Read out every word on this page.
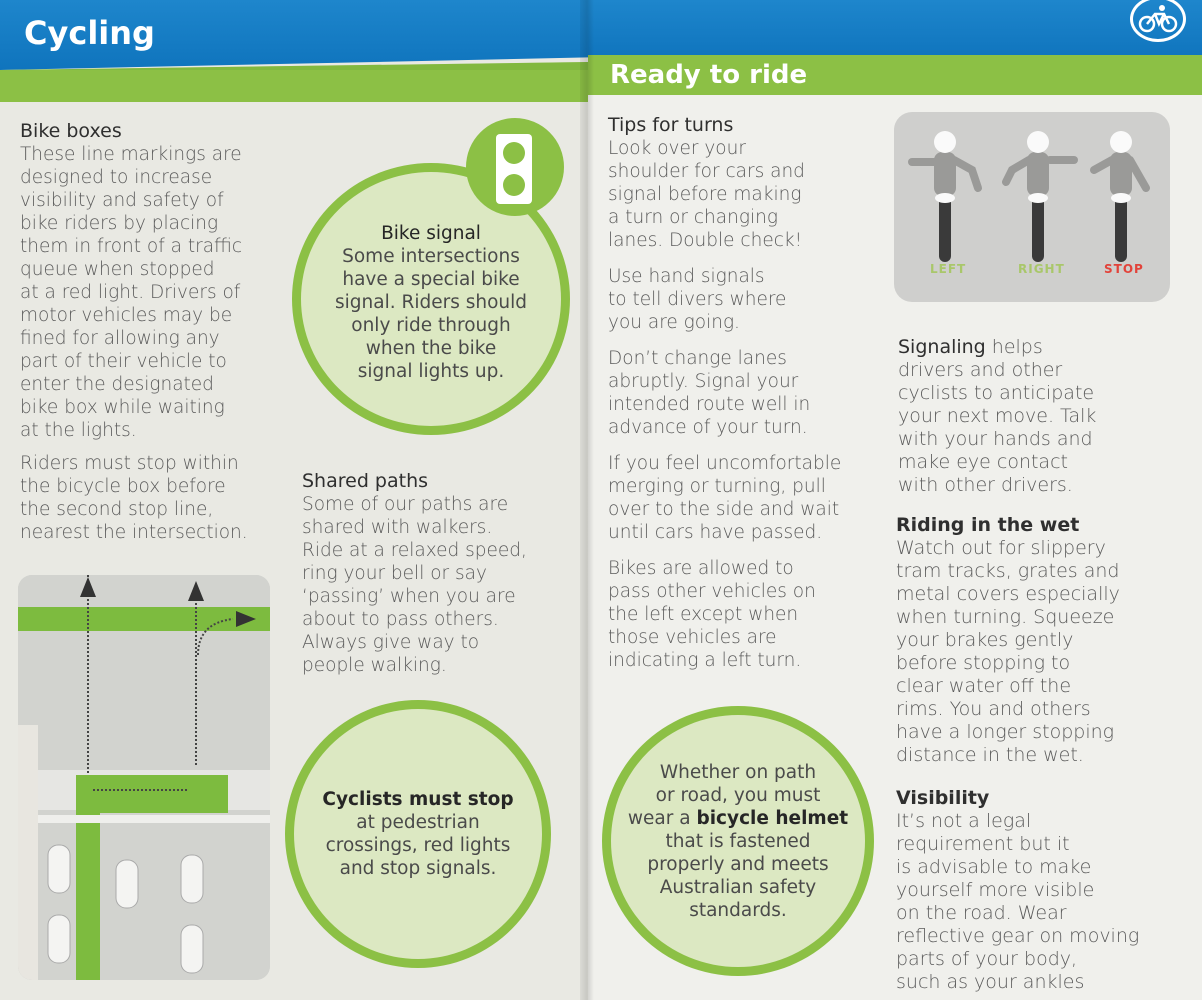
Cycling

Bike boxes

These line markings are
designed to increase
visibility and safety of
bike riders by placing
them in front of a traffic
queue when stopped
at a red light. Drivers of
motor vehicles may be
fined for allowing any
part of their vehicle to
enter the designated
bike box while waiting
at the lights.
Riders must stop within
the bicycle box before
the second stop line,
nearest the intersection.
Bike signal
Some intersections
have a special bike
signal. Riders should
only ride through
when the bike
signal lights up.

Shared paths

Some of our paths are
shared with walkers.
Ride at a relaxed speed,
ring your bell or say
‘passing’ when you are
about to pass others.
Always give way to
people walking.
Cyclists must stop
at pedestrian
crossings, red lights
and stop signals.
Ready to ride

Tips for turns

Look over your
shoulder for cars and
signal before making
a turn or changing
lanes. Double check!
Use hand signals
to tell divers where
you are going.
Don’t change lanes
abruptly. Signal your
intended route well in
advance of your turn.
If you feel uncomfortable
merging or turning, pull
over to the side and wait
until cars have passed.
Bikes are allowed to
pass other vehicles on
the left except when
those vehicles are
indicating a left turn.
Whether on path
or road, you must
wear a bicycle helmet
that is fastened
properly and meets
Australian safety
standards.
LEFT	RIGHT	STOP

Signaling helps

drivers and other
cyclists to anticipate
your next move. Talk
with your hands and
make eye contact
with other drivers.

Riding in the wet

Watch out for slippery
tram tracks, grates and
metal covers especially
when turning. Squeeze
your brakes gently
before stopping to
clear water off the
rims. You and others
have a longer stopping
distance in the wet.

Visibility

It’s not a legal
requirement but it
is advisable to make
yourself more visible
on the road. Wear
reflective gear on moving
parts of your body,
such as your ankles
